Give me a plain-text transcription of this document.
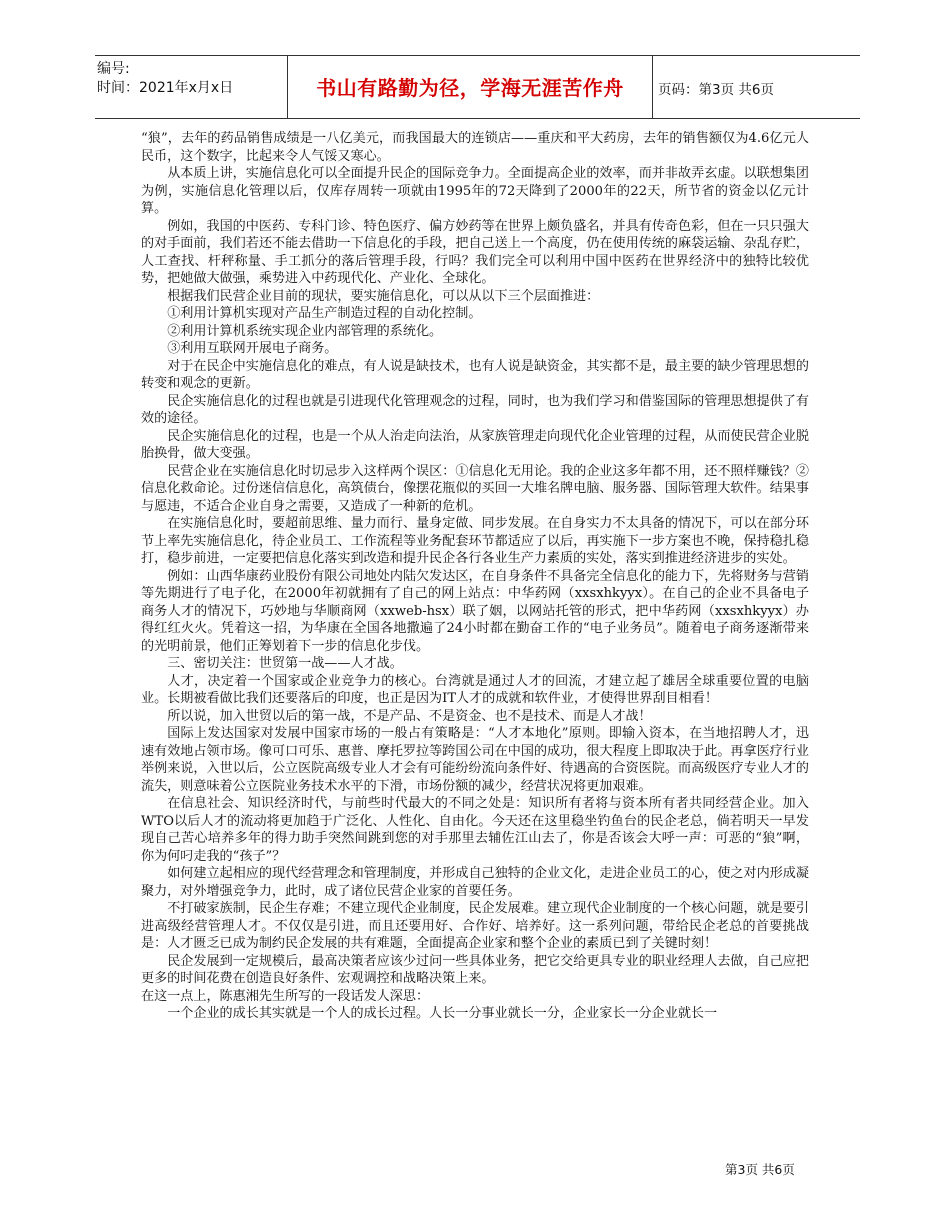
编号:
时间：2021年x月x日	书山有路勤为径，学海无涯苦作舟	页码：第3页 共6页

“狼”，去年的药品销售成绩是一八亿美元，而我国最大的连锁店——重庆和平大药房，去年的销售额仅为4.6亿元人民币，这个数字，比起来令人气馁又寒心。

从本质上讲，实施信息化可以全面提升民企的国际竞争力。全面提高企业的效率，而并非故弄玄虚。以联想集团为例，实施信息化管理以后，仅库存周转一项就由1995年的72天降到了2000年的22天，所节省的资金以亿元计算。

例如，我国的中医药、专科门诊、特色医疗、偏方妙药等在世界上颇负盛名，并具有传奇色彩，但在一只只强大的对手面前，我们若还不能去借助一下信息化的手段，把自己送上一个高度，仍在使用传统的麻袋运输、杂乱存贮，人工查找、杆秤称量、手工抓分的落后管理手段，行吗？我们完全可以利用中国中医药在世界经济中的独特比较优势，把她做大做强，乘势进入中药现代化、产业化、全球化。

根据我们民营企业目前的现状，要实施信息化，可以从以下三个层面推进：

①利用计算机实现对产品生产制造过程的自动化控制。

②利用计算机系统实现企业内部管理的系统化。

③利用互联网开展电子商务。

对于在民企中实施信息化的难点，有人说是缺技术，也有人说是缺资金，其实都不是，最主要的缺少管理思想的转变和观念的更新。

民企实施信息化的过程也就是引进现代化管理观念的过程，同时，也为我们学习和借鉴国际的管理思想提供了有效的途径。

民企实施信息化的过程，也是一个从人治走向法治，从家族管理走向现代化企业管理的过程，从而使民营企业脱胎换骨，做大变强。

民营企业在实施信息化时切忌步入这样两个误区：①信息化无用论。我的企业这多年都不用，还不照样赚钱？②信息化救命论。过份迷信信息化，高筑债台，像摆花瓶似的买回一大堆名牌电脑、服务器、国际管理大软件。结果事与愿违，不适合企业自身之需要，又造成了一种新的危机。

在实施信息化时，要超前思维、量力而行、量身定做、同步发展。在自身实力不太具备的情况下，可以在部分环节上率先实施信息化，待企业员工、工作流程等业务配套环节都适应了以后，再实施下一步方案也不晚，保持稳扎稳打，稳步前进，一定要把信息化落实到改造和提升民企各行各业生产力素质的实处，落实到推进经济进步的实处。

例如：山西华康药业股份有限公司地处内陆欠发达区，在自身条件不具备完全信息化的能力下，先将财务与营销等先期进行了电子化，在2000年初就拥有了自己的网上站点：中华药网（xxsxhkyyx）。在自己的企业不具备电子商务人才的情况下，巧妙地与华顺商网（xxweb-hsx）联了姻，以网站托管的形式，把中华药网（xxsxhkyyx）办得红红火火。凭着这一招，为华康在全国各地撒遍了24小时都在勤奋工作的“电子业务员”。随着电子商务逐渐带来的光明前景，他们正筹划着下一步的信息化步伐。

三、密切关注：世贸第一战——人才战。

人才，决定着一个国家或企业竞争力的核心。台湾就是通过人才的回流，才建立起了雄居全球重要位置的电脑业。长期被看做比我们还要落后的印度，也正是因为IT人才的成就和软件业，才使得世界刮目相看！

所以说，加入世贸以后的第一战，不是产品、不是资金、也不是技术、而是人才战！

国际上发达国家对发展中国家市场的一般占有策略是：“人才本地化”原则。即输入资本，在当地招聘人才，迅速有效地占领市场。像可口可乐、惠普、摩托罗拉等跨国公司在中国的成功，很大程度上即取决于此。再拿医疗行业举例来说，入世以后，公立医院高级专业人才会有可能纷纷流向条件好、待遇高的合资医院。而高级医疗专业人才的流失，则意味着公立医院业务技术水平的下滑，市场份额的减少，经营状况将更加艰难。

在信息社会、知识经济时代，与前些时代最大的不同之处是：知识所有者将与资本所有者共同经营企业。加入WTO以后人才的流动将更加趋于广泛化、人性化、自由化。今天还在这里稳坐钓鱼台的民企老总，倘若明天一早发现自己苦心培养多年的得力助手突然间跳到您的对手那里去辅佐江山去了，你是否该会大呼一声：可恶的“狼”啊，你为何叼走我的“孩子”？

如何建立起相应的现代经营理念和管理制度，并形成自己独特的企业文化，走进企业员工的心，使之对内形成凝聚力，对外增强竞争力，此时，成了诸位民营企业家的首要任务。

不打破家族制，民企生存难；不建立现代企业制度，民企发展难。建立现代企业制度的一个核心问题，就是要引进高级经营管理人才。不仅仅是引进，而且还要用好、合作好、培养好。这一系列问题，带给民企老总的首要挑战是：人才匮乏已成为制约民企发展的共有难题，全面提高企业家和整个企业的素质已到了关键时刻！

民企发展到一定规模后，最高决策者应该少过问一些具体业务，把它交给更具专业的职业经理人去做，自己应把更多的时间花费在创造良好条件、宏观调控和战略决策上来。

在这一点上，陈惠湘先生所写的一段话发人深思：

一个企业的成长其实就是一个人的成长过程。人长一分事业就长一分，企业家长一分企业就长一

第3页 共6页
